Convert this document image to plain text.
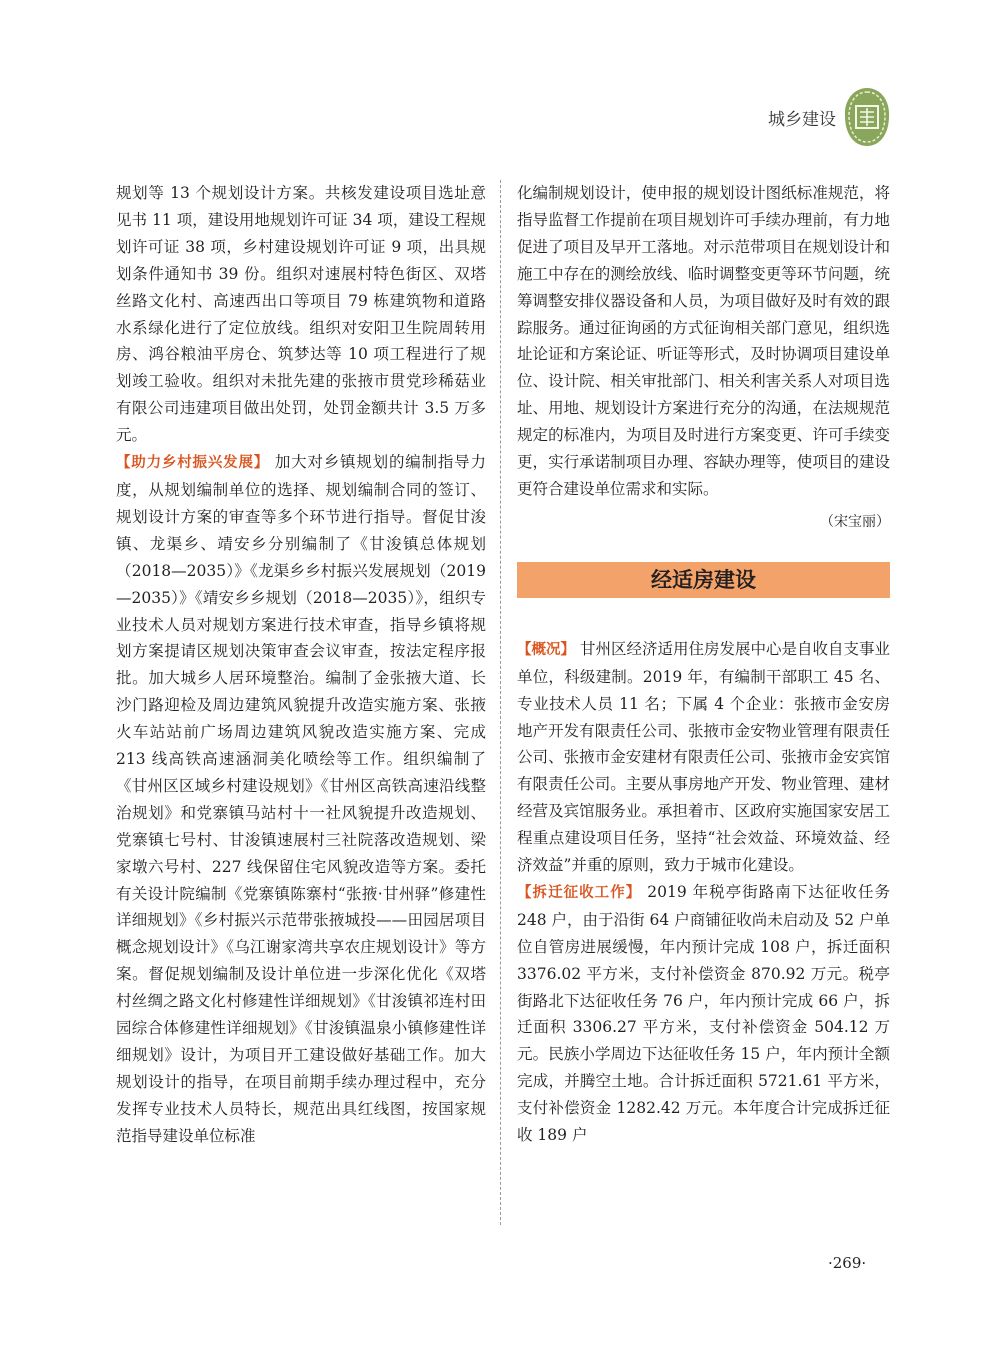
城乡建设

规划等 13 个规划设计方案。共核发建设项目选址意见书 11 项，建设用地规划许可证 34 项，建设工程规划许可证 38 项，乡村建设规划许可证 9 项，出具规划条件通知书 39 份。组织对速展村特色街区、双塔丝路文化村、高速西出口等项目 79 栋建筑物和道路水系绿化进行了定位放线。组织对安阳卫生院周转用房、鸿谷粮油平房仓、筑梦达等 10 项工程进行了规划竣工验收。组织对未批先建的张掖市贯党珍稀菇业有限公司违建项目做出处罚，处罚金额共计 3.5 万多元。

【助力乡村振兴发展】 加大对乡镇规划的编制指导力度，从规划编制单位的选择、规划编制合同的签订、规划设计方案的审查等多个环节进行指导。督促甘浚镇、龙渠乡、靖安乡分别编制了《甘浚镇总体规划（2018—2035）》《龙渠乡乡村振兴发展规划（2019—2035）》《靖安乡乡规划（2018—2035）》，组织专业技术人员对规划方案进行技术审查，指导乡镇将规划方案提请区规划决策审查会议审查，按法定程序报批。加大城乡人居环境整治。编制了金张掖大道、长沙门路迎检及周边建筑风貌提升改造实施方案、张掖火车站站前广场周边建筑风貌改造实施方案、完成 213 线高铁高速涵洞美化喷绘等工作。组织编制了《甘州区区域乡村建设规划》《甘州区高铁高速沿线整治规划》和党寨镇马站村十一社风貌提升改造规划、党寨镇七号村、甘浚镇速展村三社院落改造规划、梁家墩六号村、227 线保留住宅风貌改造等方案。委托有关设计院编制《党寨镇陈寨村“张掖·甘州驿”修建性详细规划》《乡村振兴示范带张掖城投——田园居项目概念规划设计》《乌江谢家湾共享农庄规划设计》等方案。督促规划编制及设计单位进一步深化优化《双塔村丝绸之路文化村修建性详细规划》《甘浚镇祁连村田园综合体修建性详细规划》《甘浚镇温泉小镇修建性详细规划》设计，为项目开工建设做好基础工作。加大规划设计的指导，在项目前期手续办理过程中，充分发挥专业技术人员特长，规范出具红线图，按国家规范指导建设单位标准

化编制规划设计，使申报的规划设计图纸标准规范，将指导监督工作提前在项目规划许可手续办理前，有力地促进了项目及早开工落地。对示范带项目在规划设计和施工中存在的测绘放线、临时调整变更等环节问题，统筹调整安排仪器设备和人员，为项目做好及时有效的跟踪服务。通过征询函的方式征询相关部门意见，组织选址论证和方案论证、听证等形式，及时协调项目建设单位、设计院、相关审批部门、相关利害关系人对项目选址、用地、规划设计方案进行充分的沟通，在法规规范规定的标准内，为项目及时进行方案变更、许可手续变更，实行承诺制项目办理、容缺办理等，使项目的建设更符合建设单位需求和实际。

（宋宝丽）

经适房建设

【概况】 甘州区经济适用住房发展中心是自收自支事业单位，科级建制。2019 年，有编制干部职工 45 名、专业技术人员 11 名；下属 4 个企业：张掖市金安房地产开发有限责任公司、张掖市金安物业管理有限责任公司、张掖市金安建材有限责任公司、张掖市金安宾馆有限责任公司。主要从事房地产开发、物业管理、建材经营及宾馆服务业。承担着市、区政府实施国家安居工程重点建设项目任务，坚持“社会效益、环境效益、经济效益”并重的原则，致力于城市化建设。

【拆迁征收工作】 2019 年税亭街路南下达征收任务 248 户，由于沿街 64 户商铺征收尚未启动及 52 户单位自管房进展缓慢，年内预计完成 108 户，拆迁面积 3376.02 平方米，支付补偿资金 870.92 万元。税亭街路北下达征收任务 76 户，年内预计完成 66 户，拆迁面积 3306.27 平方米，支付补偿资金 504.12 万元。民族小学周边下达征收任务 15 户，年内预计全额完成，并腾空土地。合计拆迁面积 5721.61 平方米，支付补偿资金 1282.42 万元。本年度合计完成拆迁征收 189 户

·269·
